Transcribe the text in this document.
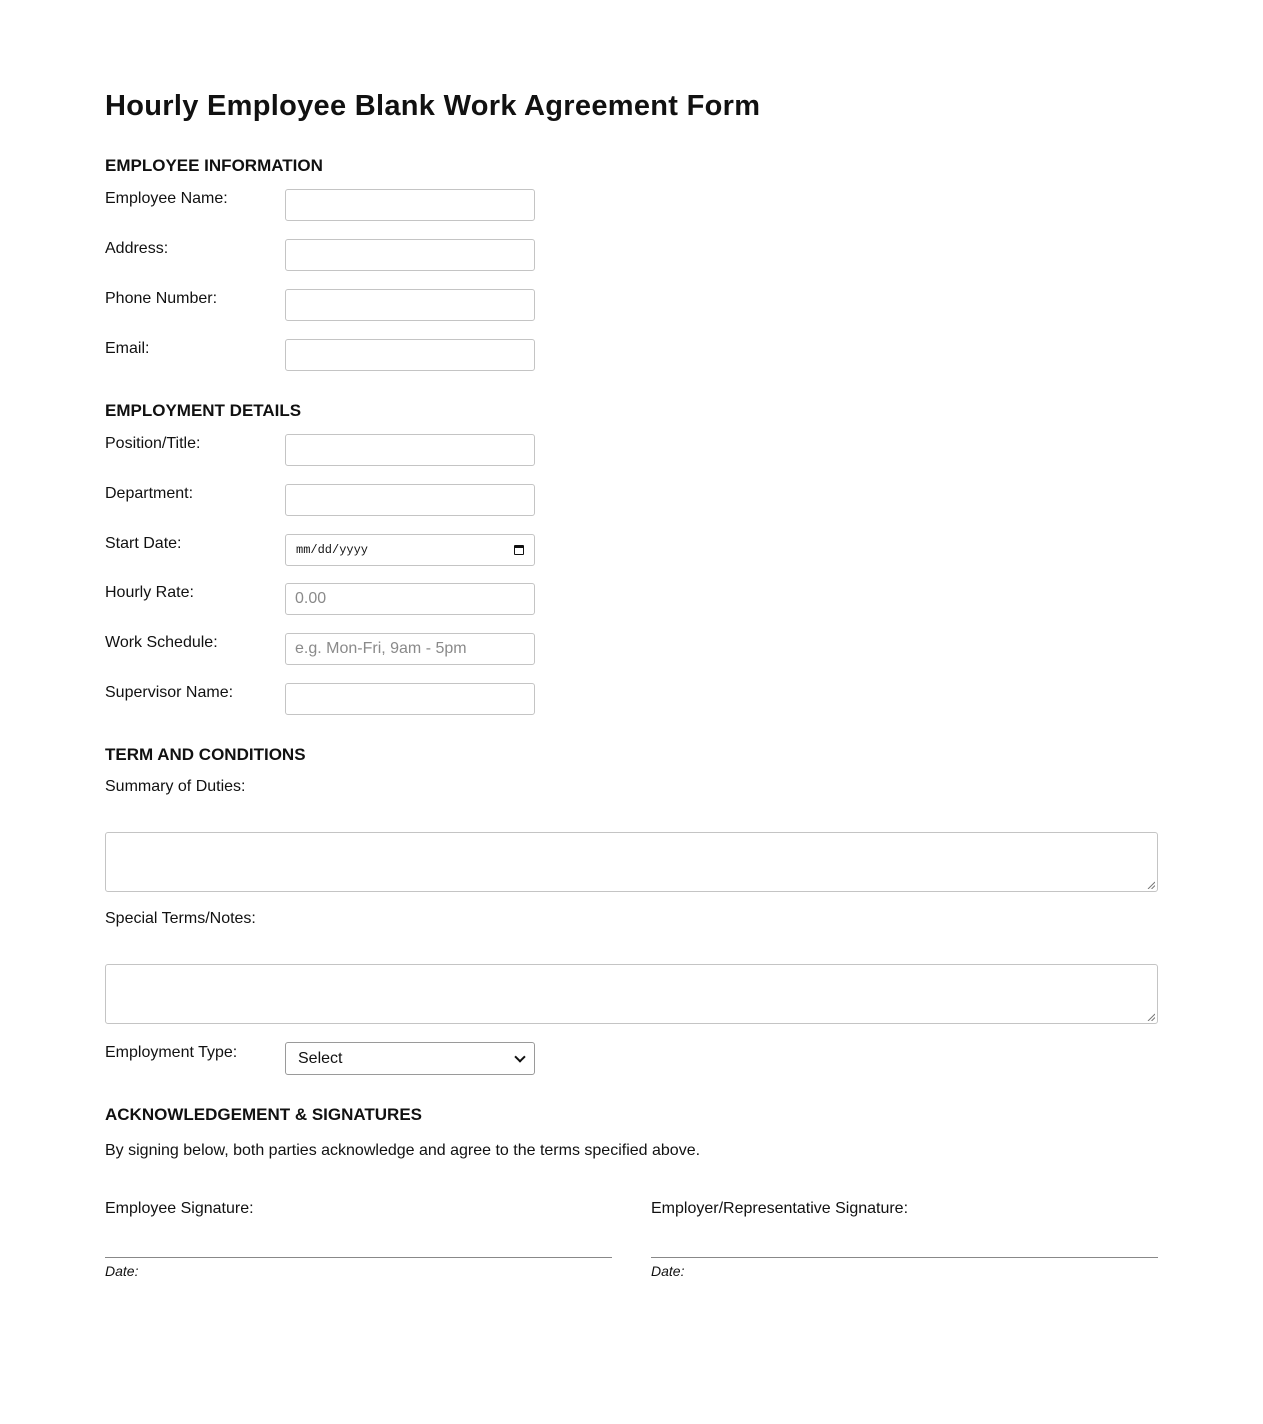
Hourly Employee Blank Work Agreement Form
EMPLOYEE INFORMATION
Employee Name:
Address:
Phone Number:
Email:
EMPLOYMENT DETAILS
Position/Title:
Department:
Start Date:	mm/dd/yyyy
Hourly Rate:
0.00
Work Schedule:
e.g. Mon-Fri, 9am - 5pm
Supervisor Name:
TERM AND CONDITIONS
Summary of Duties:
Special Terms/Notes:
Employment Type:	Select
ACKNOWLEDGEMENT & SIGNATURES
By signing below, both parties acknowledge and agree to the terms specified above.
Employee Signature:
Date:
Employer/Representative Signature:
Date:
